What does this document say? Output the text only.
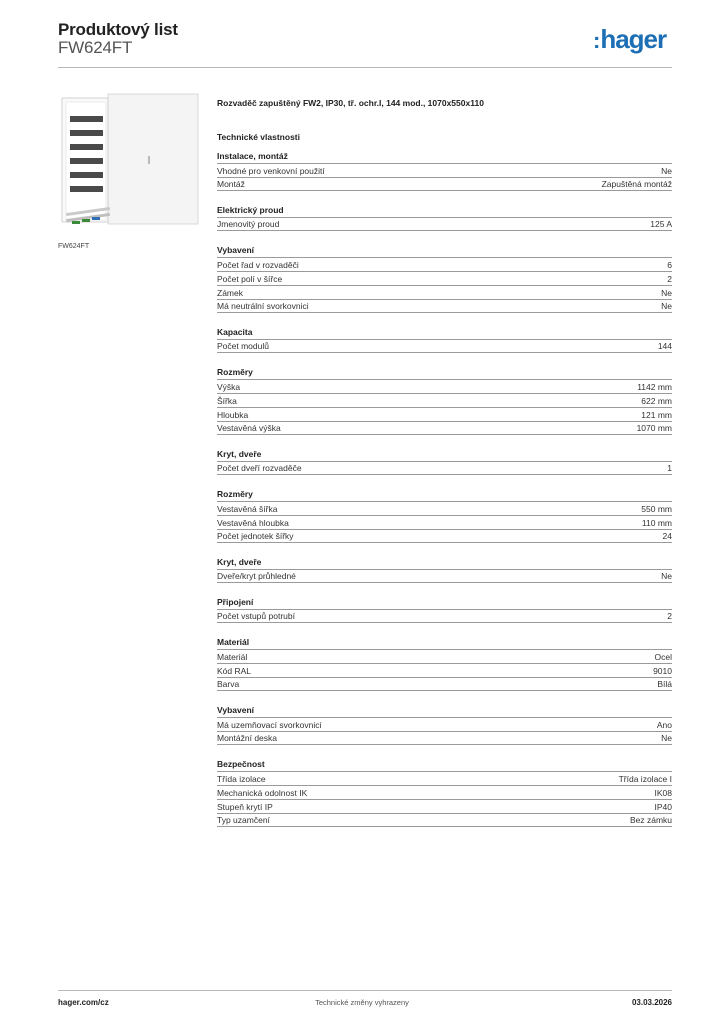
Produktový list
FW624FT	:hager
FW624FT
Rozvaděč zapuštěný FW2, IP30, tř. ochr.I, 144 mod., 1070x550x110
Technické vlastnosti
Instalace, montáž
Vhodné pro venkovní použití	Ne
Montáž	Zapuštěná montáž
Elektrický proud
Jmenovitý proud	125 A
Vybavení
Počet řad v rozvaděči	6
Počet polí v šířce	2
Zámek	Ne
Má neutrální svorkovnici	Ne
Kapacita
Počet modulů	144
Rozměry
Výška	1142 mm
Šířka	622 mm
Hloubka	121 mm
Vestavěná výška	1070 mm
Kryt, dveře
Počet dveří rozvaděče	1
Rozměry
Vestavěná šířka	550 mm
Vestavěná hloubka	110 mm
Počet jednotek šířky	24
Kryt, dveře
Dveře/kryt průhledné	Ne
Připojení
Počet vstupů potrubí	2
Materiál
Materiál	Ocel
Kód RAL	9010
Barva	Bílá
Vybavení
Má uzemňovací svorkovnici	Ano
Montážní deska	Ne
Bezpečnost
Třída izolace	Třída izolace I
Mechanická odolnost IK	IK08
Stupeň krytí IP	IP40
Typ uzamčení	Bez zámku
hager.com/cz	Technické změny vyhrazeny	03.03.2026
